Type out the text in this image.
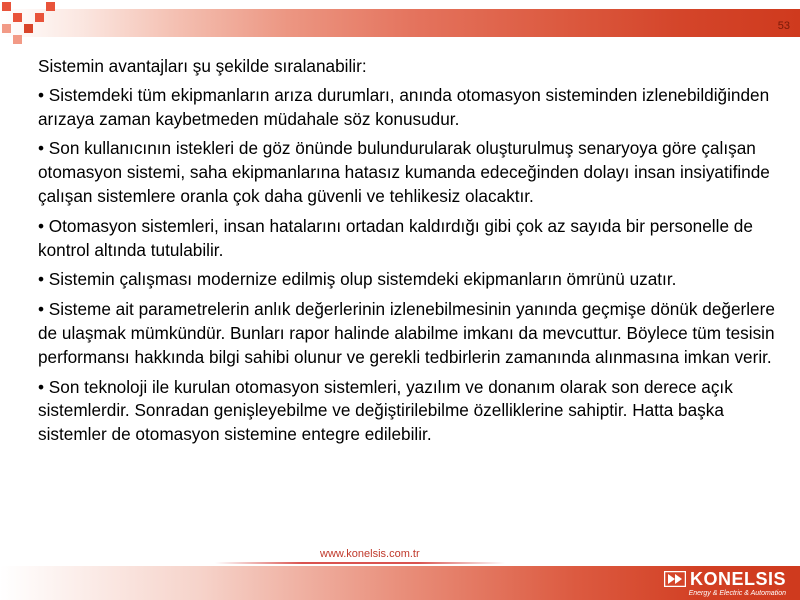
53

Sistemin avantajları şu şekilde sıralanabilir:

• Sistemdeki tüm ekipmanların arıza durumları, anında otomasyon sisteminden izlenebildiğinden arızaya zaman kaybetmeden müdahale söz konusudur.

• Son kullanıcının istekleri de göz önünde bulundurularak oluşturulmuş senaryoya göre çalışan otomasyon sistemi, saha ekipmanlarına hatasız kumanda edeceğinden dolayı insan insiyatifinde çalışan sistemlere oranla çok daha güvenli ve tehlikesiz olacaktır.

• Otomasyon sistemleri, insan hatalarını ortadan kaldırdığı gibi çok az sayıda bir personelle de kontrol altında tutulabilir.

• Sistemin çalışması modernize edilmiş olup sistemdeki ekipmanların ömrünü uzatır.

• Sisteme ait parametrelerin anlık değerlerinin izlenebilmesinin yanında geçmişe dönük değerlere de ulaşmak mümkündür. Bunları rapor halinde alabilme imkanı da mevcuttur. Böylece tüm tesisin performansı hakkında bilgi sahibi olunur ve gerekli tedbirlerin zamanında alınmasına imkan verir.

• Son teknoloji ile kurulan otomasyon sistemleri, yazılım ve donanım olarak son derece açık sistemlerdir. Sonradan genişleyebilme ve değiştirilebilme özelliklerine sahiptir. Hatta başka sistemler de otomasyon sistemine entegre edilebilir.

www.konelsis.com.tr
KONELSIS
Energy & Electric & Automation
